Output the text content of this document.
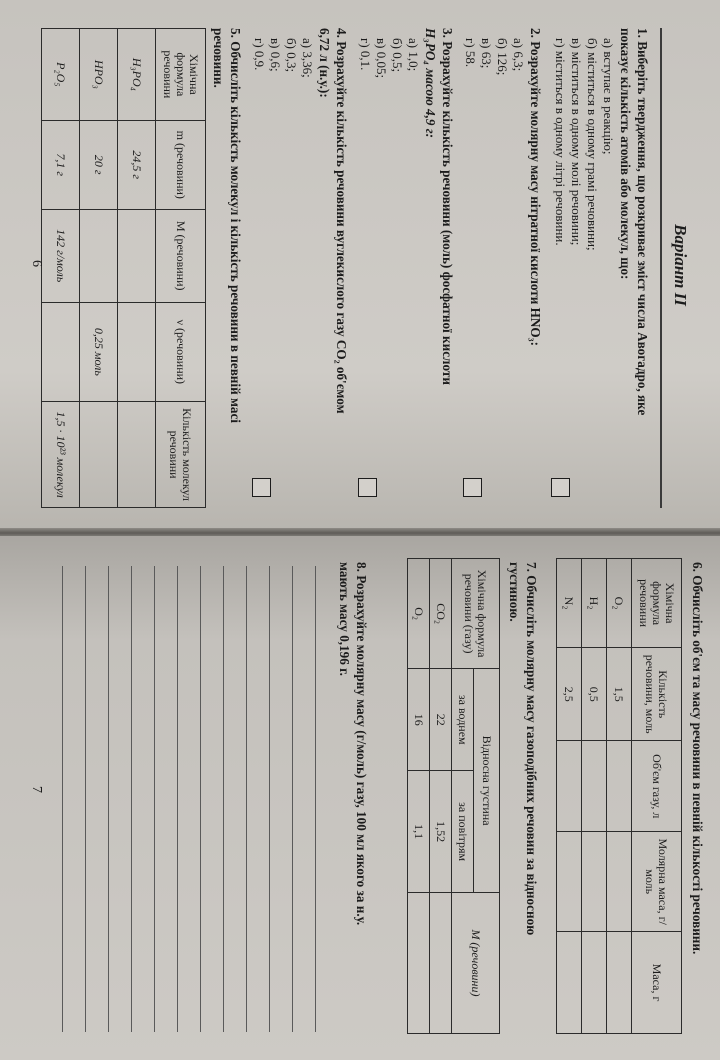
Варіант ІІ
1. Виберіть твердження, що розкриває зміст числа Авогадро, яке
показує кількість атомів або молекул, що:
а) вступає в реакцію;
б) міститься в одному грамі речовини;
в) міститься в одному молі речовини;
г) міститься в одному літрі речовини.
2. Розрахуйте молярну масу нітратної кислоти HNO₃:
а) 6,3;
б) 126;
в) 63;
г) 58.
3. Розрахуйте кількість речовини (моль) фосфатної кислоти
H₃PO₄ масою 4,9 г:
а) 1,0;
б) 0,5;
в) 0,05;
г) 0,1.
4. Розрахуйте кількість речовини вуглекислого газу CO₂ об'ємом
6,72 л (н.у.):
а) 3,36;
б) 0,3;
в) 0,6;
г) 0,9.
5. Обчисліть кількість молекул і кількість речовини в певній масі
речовини.
Хімічна формула речовини	m (речовини)	M (речовини)	ν (речовини)	Кількість молекул речовини
H₃PO₄	24,5 г			
HPO₃	20 г		0,25 моль	
P₂O₅	7,1 г	142 г/моль		1,5 · 10²³ молекул
6
6. Обчисліть об'єм та масу речовини в певній кількості речовини.
Хімічна формула речовини	Кількість речовини, моль	Об'єм газу, л	Молярна маса, г/моль	Маса, г
O₂	1,5			
H₂	0,5			
N₂	2,5			
7. Обчисліть молярну масу газоподібних речовин за відносною
густиною.
Хімічна формула речовини (газу)	Відносна густина		M (речовини)
	за воднем	за повітрям	
CO₂	22	1,52	
O₂	16	1,1	
8. Розрахуйте молярну масу (г/моль) газу, 100 мл якого за н.у.
мають масу 0,196 г.
7
